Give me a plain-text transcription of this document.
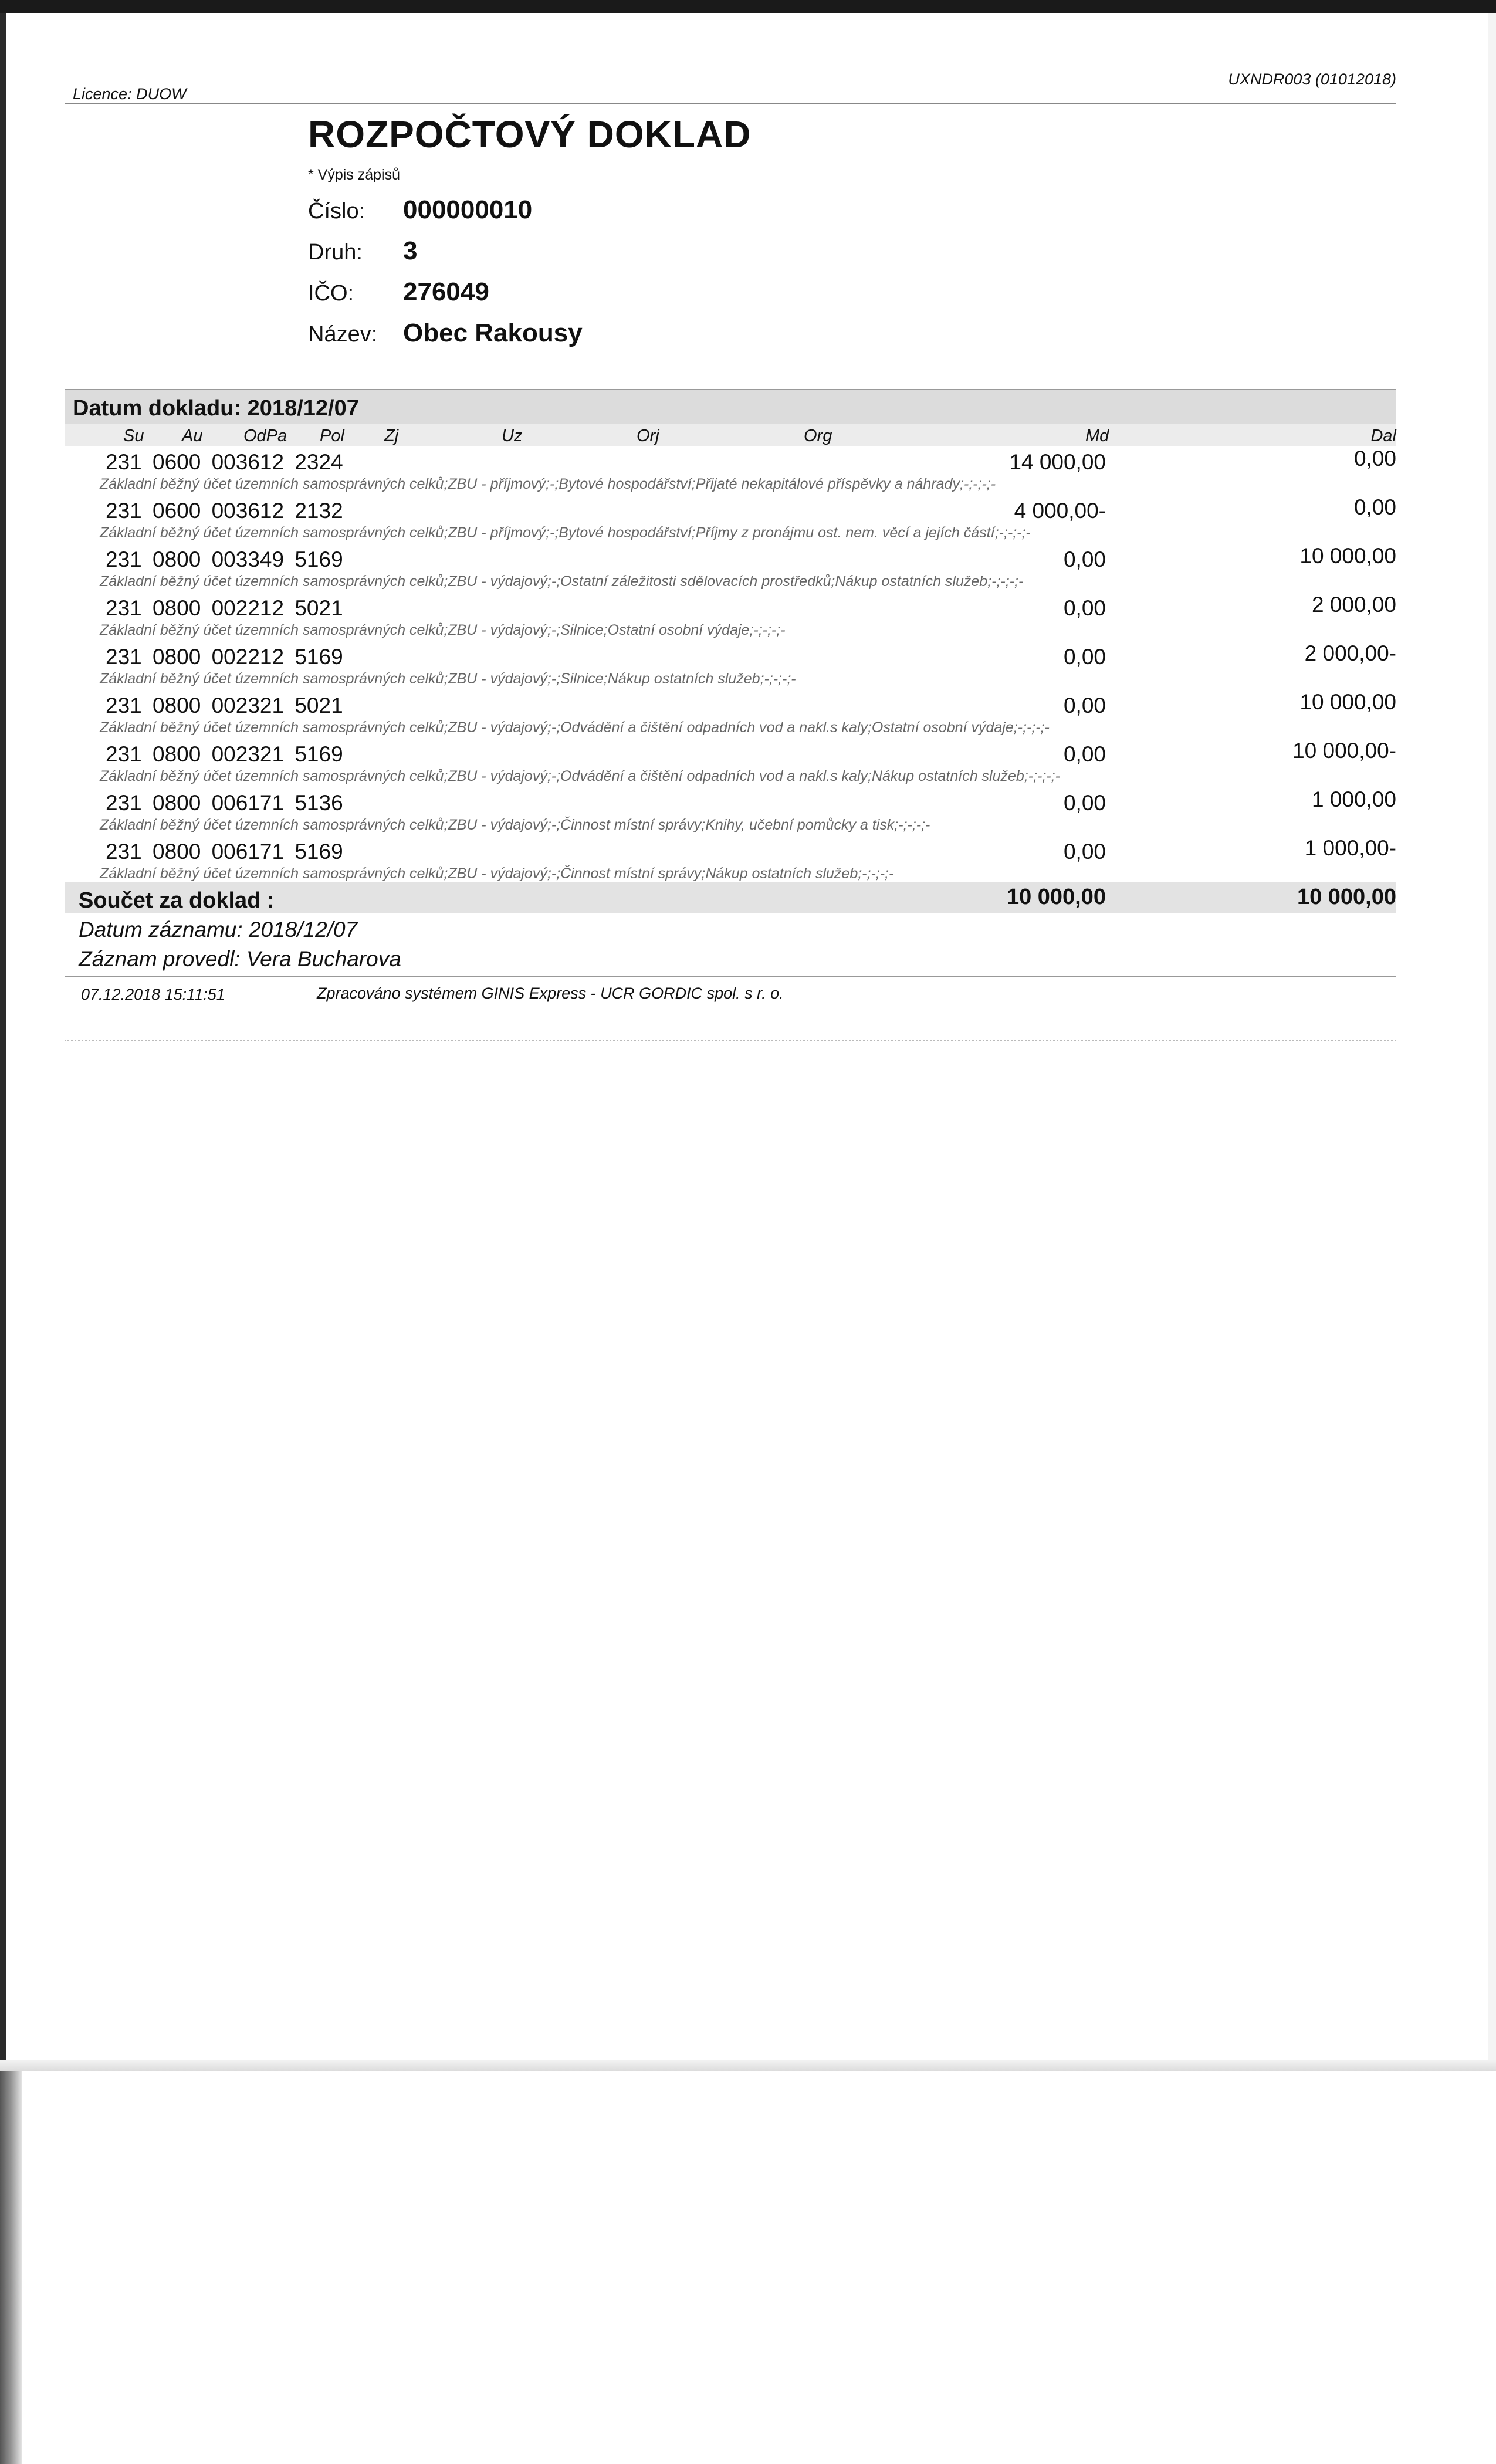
Licence: DUOW
UXNDR003 (01012018)
ROZPOČTOVÝ DOKLAD
* Výpis zápisů
Číslo:	000000010
Druh:	3
IČO:	276049
Název: Obec Rakousy
Datum dokladu: 2018/12/07
Su Au OdPa Pol Zj	Uz	Orj	Org	Md	Dal
231 0600 003612 2324	14 000,00	0,00
Základní běžný účet územních samosprávných celků;ZBU - příjmový;-;Bytové hospodářství;Přijaté nekapitálové příspěvky a náhrady;-;-;-;-
231 0600 003612 2132	4 000,00-	0,00
Základní běžný účet územních samosprávných celků;ZBU - příjmový;-;Bytové hospodářství;Příjmy z pronájmu ost. nem. věcí a jejích částí;-;-;-;-
231 0800 003349 5169	0,00	10 000,00
Základní běžný účet územních samosprávných celků;ZBU - výdajový;-;Ostatní záležitosti sdělovacích prostředků;Nákup ostatních služeb;-;-;-;-
231 0800 002212 5021	0,00	2 000,00
Základní běžný účet územních samosprávných celků;ZBU - výdajový;-;Silnice;Ostatní osobní výdaje;-;-;-;-
231 0800 002212 5169	0,00	2 000,00-
Základní běžný účet územních samosprávných celků;ZBU - výdajový;-;Silnice;Nákup ostatních služeb;-;-;-;-
231 0800 002321 5021	0,00	10 000,00
Základní běžný účet územních samosprávných celků;ZBU - výdajový;-;Odvádění a čištění odpadních vod a nakl.s kaly;Ostatní osobní výdaje;-;-;-;-
231 0800 002321 5169	0,00	10 000,00-
Základní běžný účet územních samosprávných celků;ZBU - výdajový;-;Odvádění a čištění odpadních vod a nakl.s kaly;Nákup ostatních služeb;-;-;-;-
231 0800 006171 5136	0,00	1 000,00
Základní běžný účet územních samosprávných celků;ZBU - výdajový;-;Činnost místní správy;Knihy, učební pomůcky a tisk;-;-;-;-
231 0800 006171 5169	0,00	1 000,00-
Základní běžný účet územních samosprávných celků;ZBU - výdajový;-;Činnost místní správy;Nákup ostatních služeb;-;-;-;-
Součet za doklad :	10 000,00	10 000,00
Datum záznamu: 2018/12/07
Záznam provedl: Vera Bucharova
07.12.2018 15:11:51	Zpracováno systémem GINIS Express - UCR GORDIC spol. s r. o.
